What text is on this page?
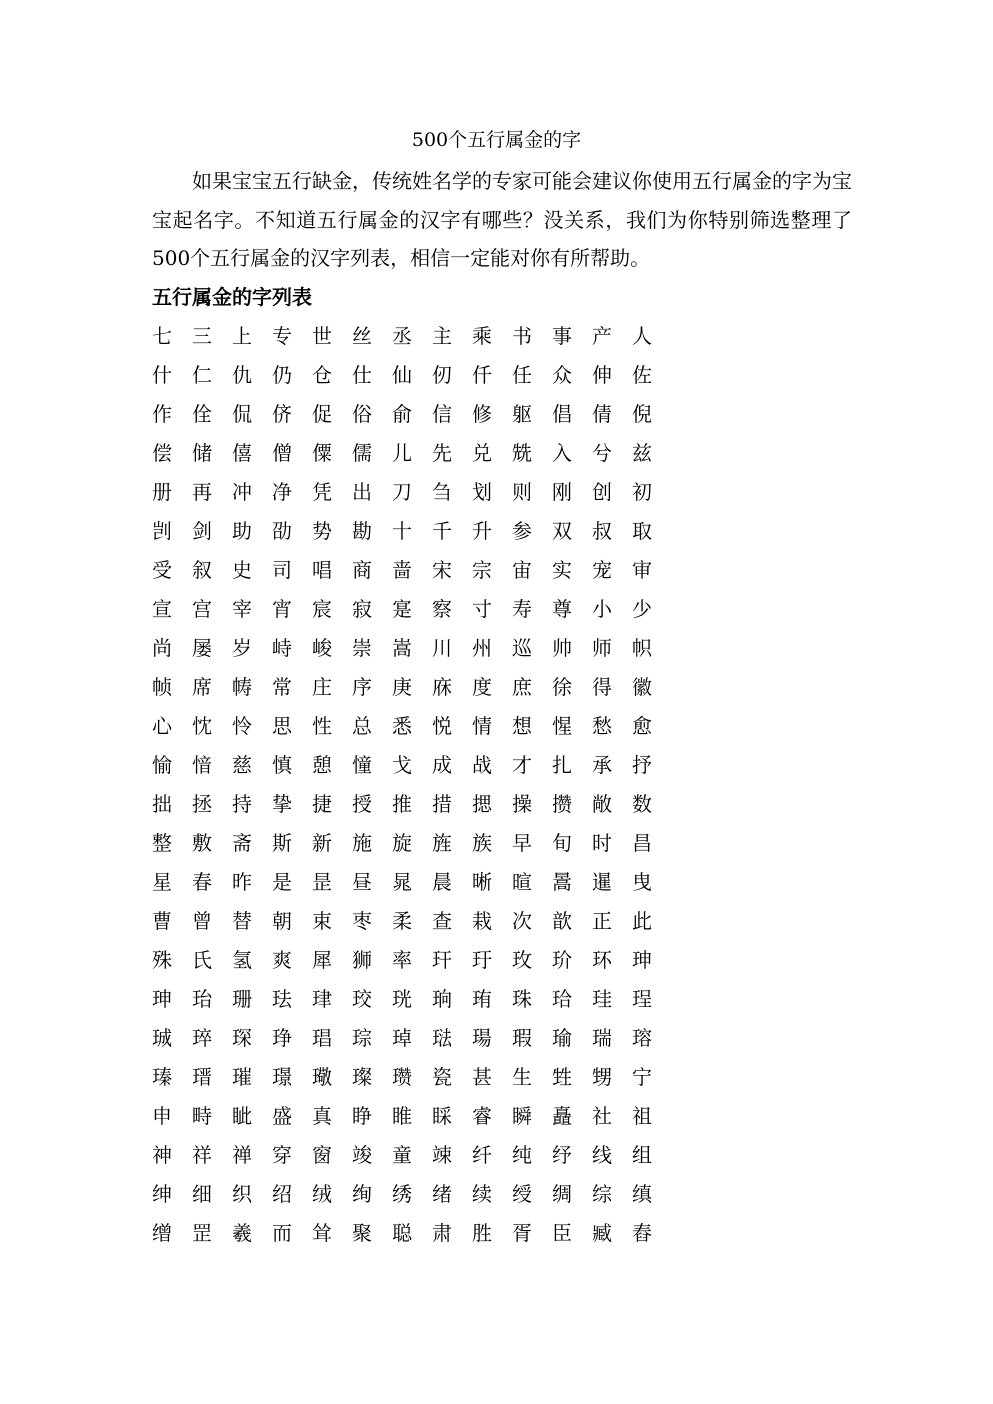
500个五行属金的字

如果宝宝五行缺金，传统姓名学的专家可能会建议你使用五行属金的字为宝宝起名字。不知道五行属金的汉字有哪些？没关系，我们为你特别筛选整理了500个五行属金的汉字列表，相信一定能对你有所帮助。

五行属金的字列表
七	三	上	专	世	丝	丞	主	乘	书	事	产	人
什	仁	仇	仍	仓	仕	仙	仞	仟	任	众	伸	佐
作	佺	侃	侪	促	俗	俞	信	修	躯	倡	倩	倪
偿	储	僖	僧	僳	儒	儿	先	兑	兟	入	兮	兹
册	再	冲	净	凭	出	刀	刍	划	则	刚	创	初
剀	剑	助	劭	势	勘	十	千	升	参	双	叔	取
受	叙	史	司	唱	商	啬	宋	宗	宙	实	宠	审
宣	宫	宰	宵	宸	寂	寔	察	寸	寿	尊	小	少
尚	屡	岁	峙	峻	崇	嵩	川	州	巡	帅	师	帜
帧	席	帱	常	庄	序	庚	庥	度	庶	徐	得	徽
心	忱	怜	思	性	总	悉	悦	情	想	惺	愁	愈
愉	愔	慈	慎	憩	憧	戈	成	战	才	扎	承	抒
拙	拯	持	挚	捷	授	推	措	揌	操	攒	敞	数
整	敷	斋	斯	新	施	旋	旌	族	早	旬	时	昌
星	春	昨	是	昰	昼	晁	晨	晰	暄	暠	暹	曳
曹	曾	替	朝	束	枣	柔	查	栽	次	歆	正	此
殊	氏	氢	爽	犀	狮	率	玕	玗	玫	玠	环	珅
珅	珆	珊	珐	珒	珓	珖	珦	珛	珠	珨	珪	珵
珹	琗	琛	琤	琩	琮	琸	琺	瑒	瑕	瑜	瑞	瑢
瑧	瑨	璀	璟	璥	璨	瓒	瓷	甚	生	甡	甥	宁
申	畤	眦	盛	真	睁	睢	睬	睿	瞬	矗	社	祖
神	祥	禅	穿	窗	竣	童	竦	纤	纯	纾	线	组
绅	细	织	绍	绒	绚	绣	绪	续	绶	绸	综	缜
缯	罡	羲	而	耸	聚	聪	肃	胜	胥	臣	臧	舂
